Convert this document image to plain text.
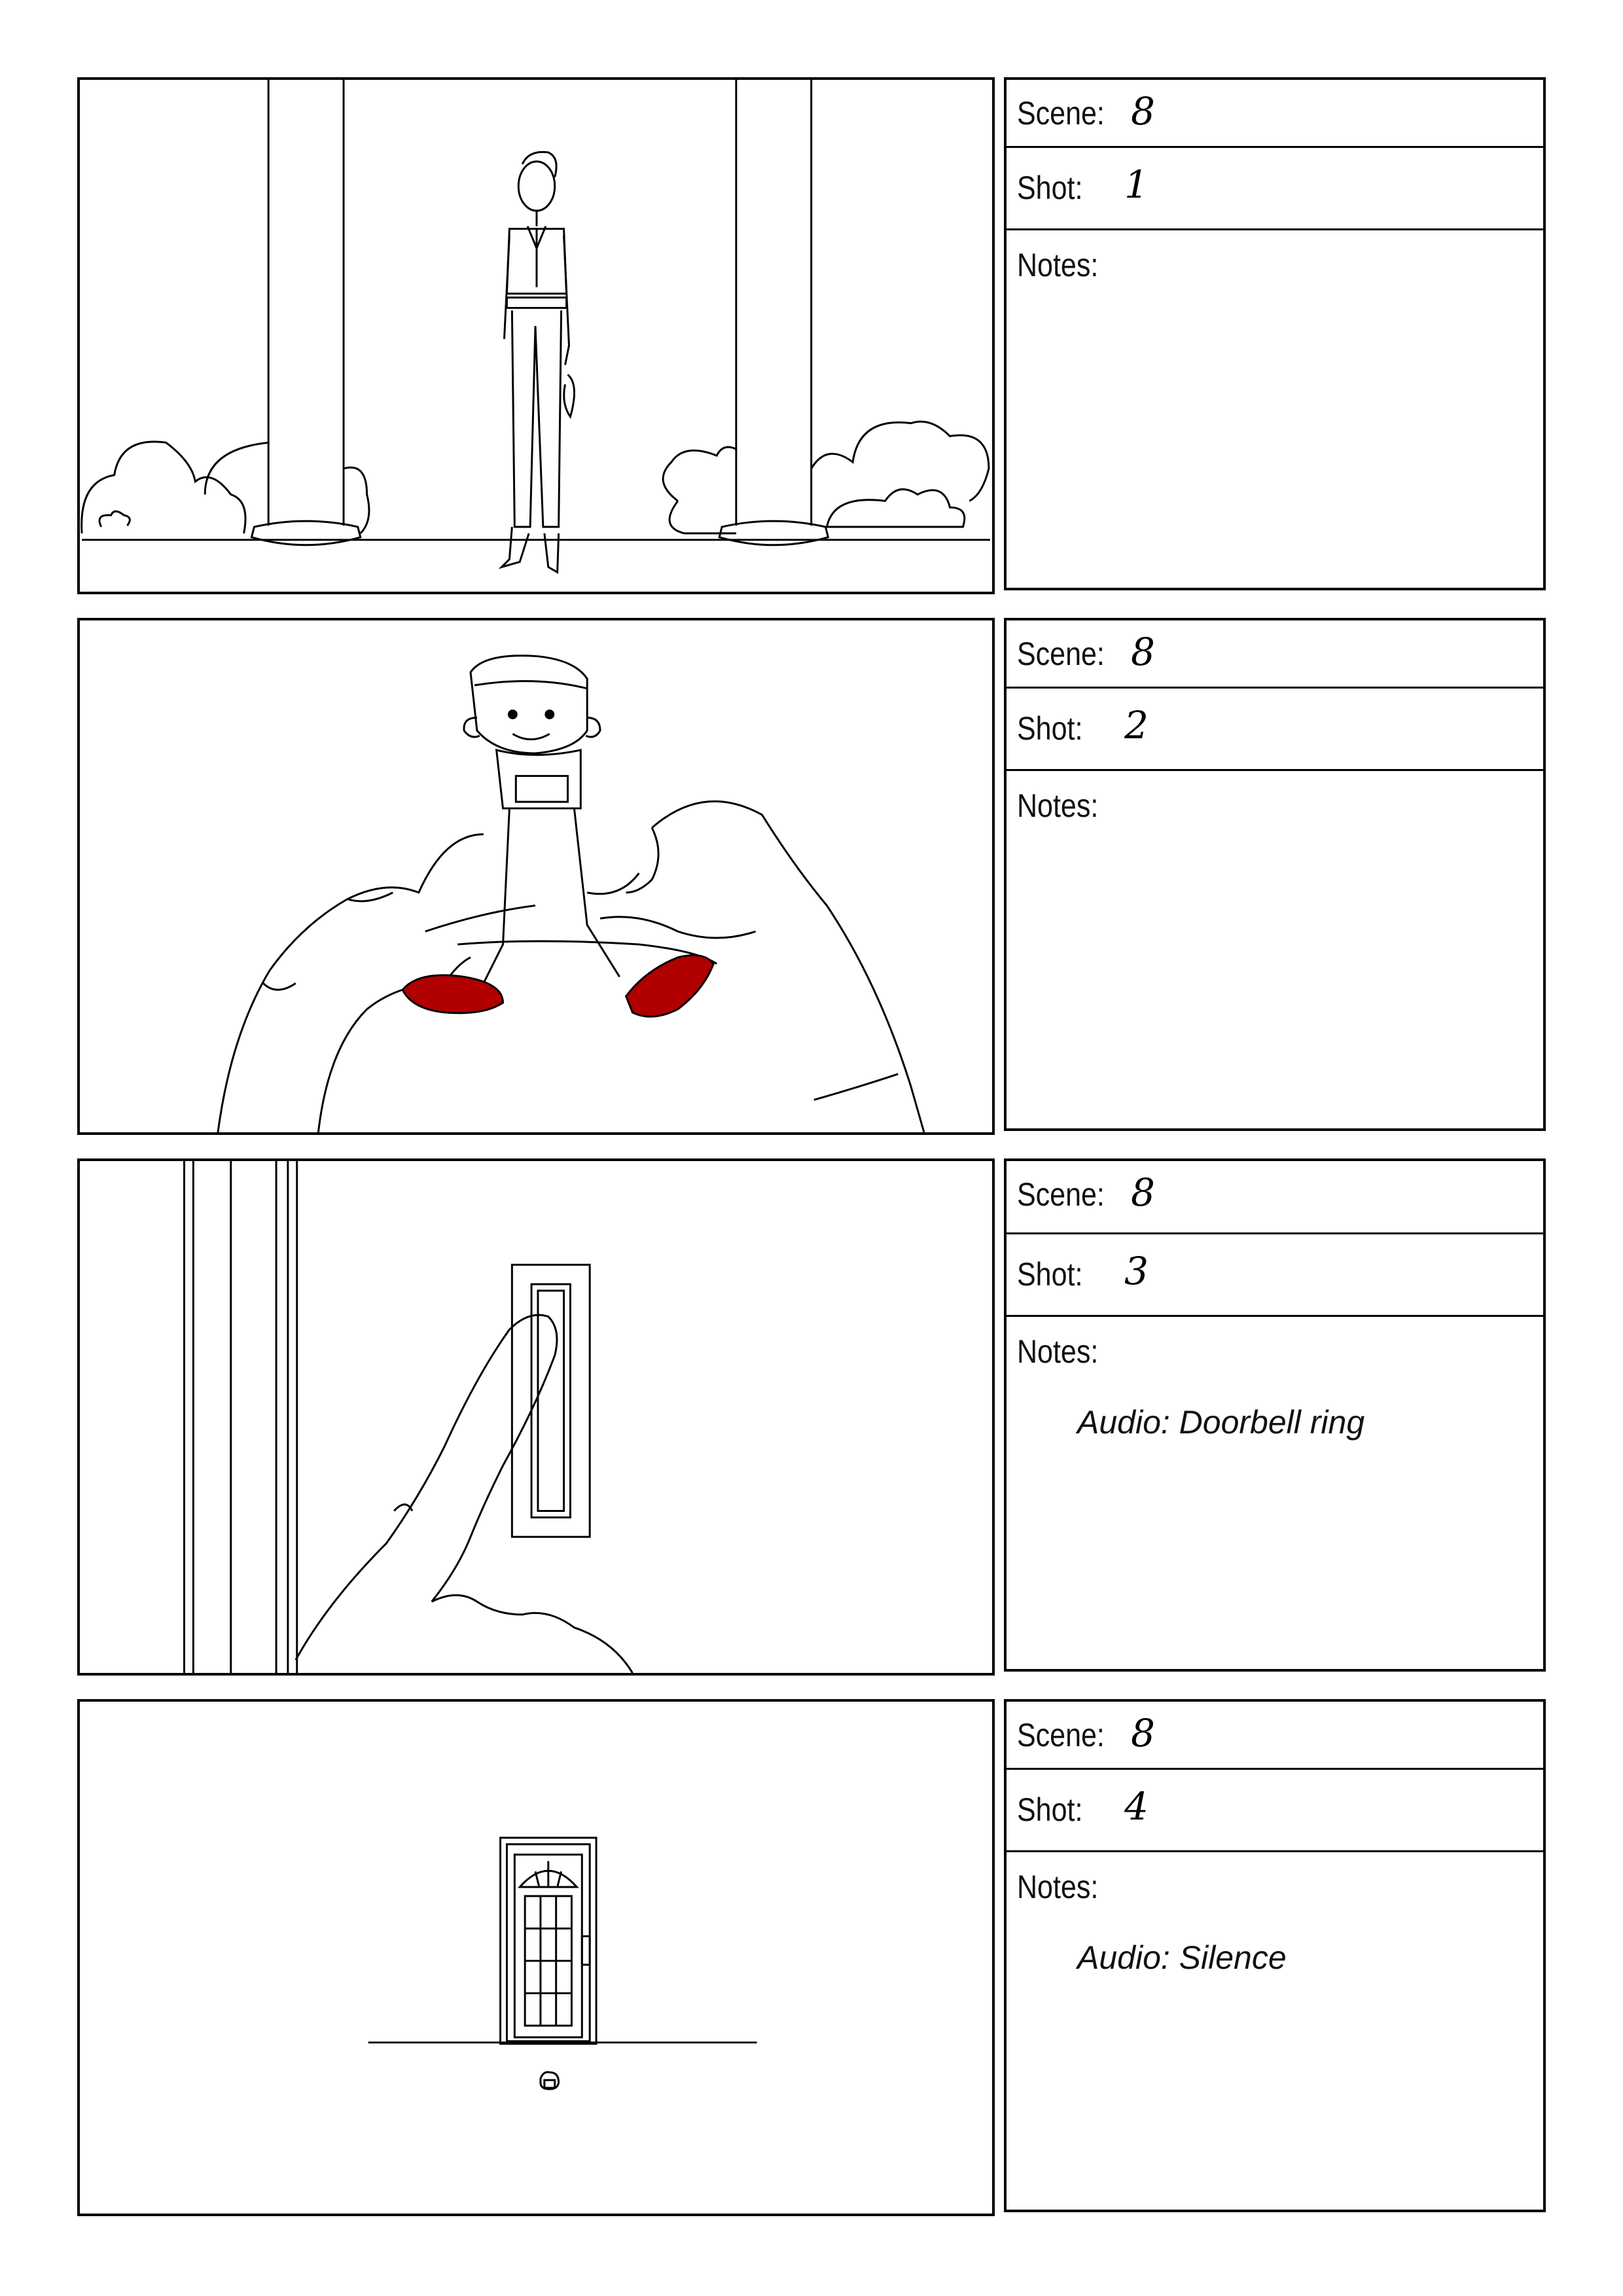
Scene: 8
Shot: 1
Notes:
Scene: 8
Shot: 2
Notes:
Scene: 8
Shot: 3
Notes:
Audio: Doorbell ring
Scene: 8
Shot: 4
Notes:
Audio: Silence
